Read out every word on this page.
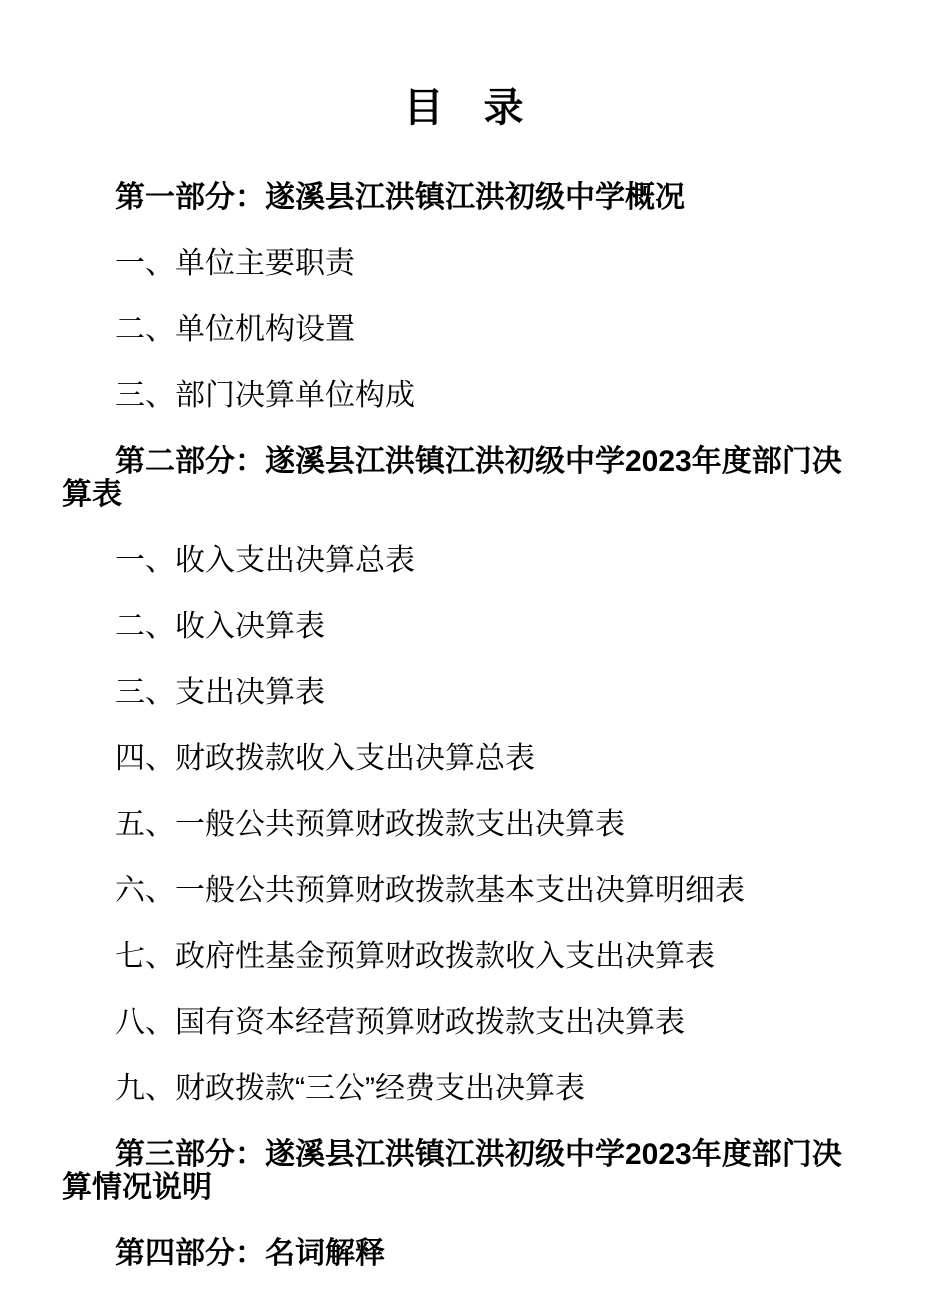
目　录

第一部分：遂溪县江洪镇江洪初级中学概况

一、单位主要职责

二、单位机构设置

三、部门决算单位构成

第二部分：遂溪县江洪镇江洪初级中学2023年度部门决算表

一、收入支出决算总表

二、收入决算表

三、支出决算表

四、财政拨款收入支出决算总表

五、一般公共预算财政拨款支出决算表

六、一般公共预算财政拨款基本支出决算明细表

七、政府性基金预算财政拨款收入支出决算表

八、国有资本经营预算财政拨款支出决算表

九、财政拨款“三公”经费支出决算表

第三部分：遂溪县江洪镇江洪初级中学2023年度部门决算情况说明

第四部分：名词解释
